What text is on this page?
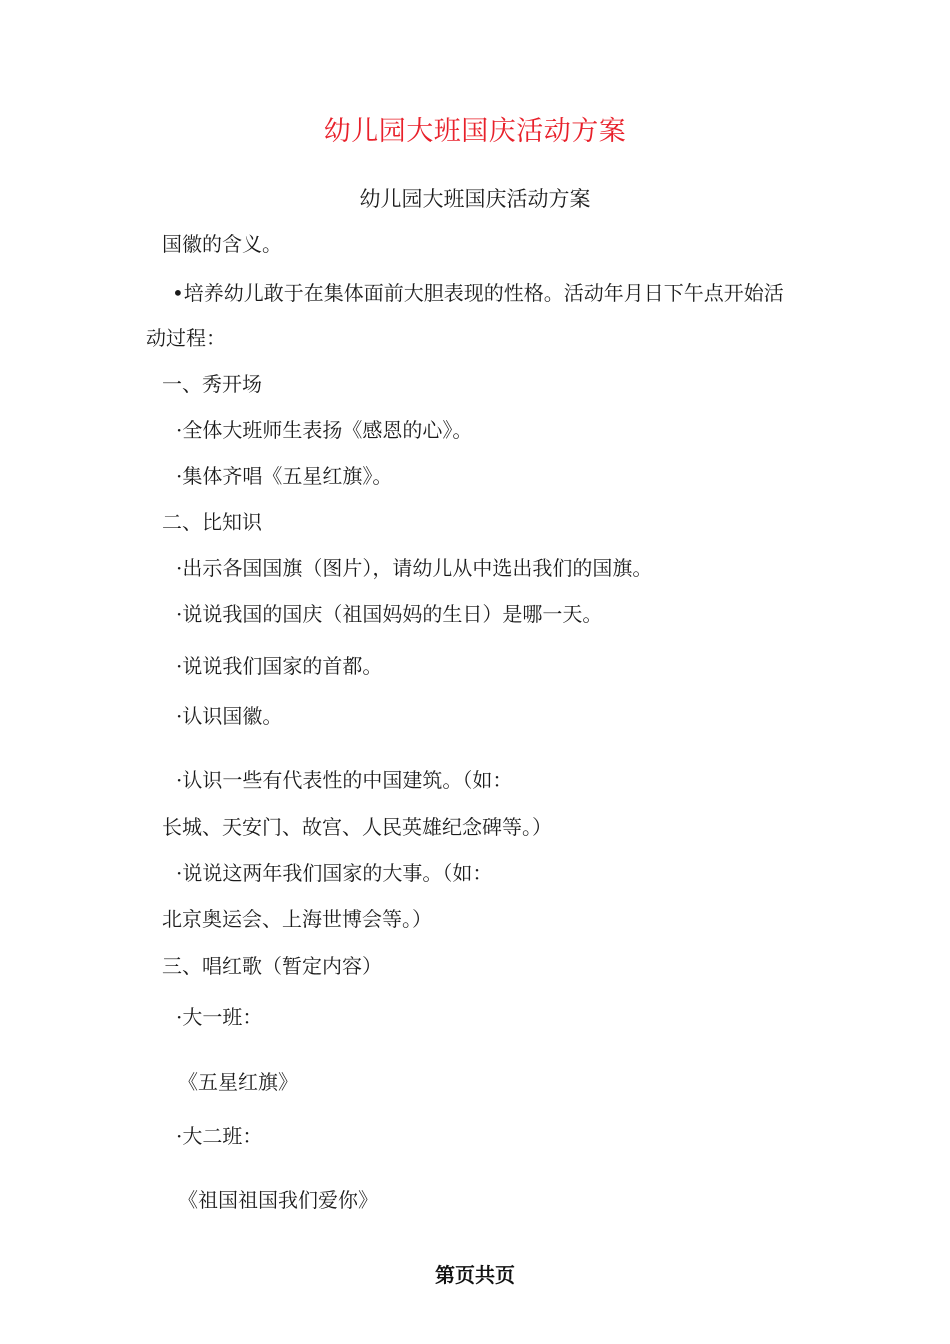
幼儿园大班国庆活动方案
幼儿园大班国庆活动方案
国徽的含义。
•培养幼儿敢于在集体面前大胆表现的性格。活动年月日下午点开始活
动过程：
一、秀开场
·全体大班师生表扬《感恩的心》。
·集体齐唱《五星红旗》。
二、比知识
·出示各国国旗（图片），请幼儿从中选出我们的国旗。
·说说我国的国庆（祖国妈妈的生日）是哪一天。
·说说我们国家的首都。
·认识国徽。
·认识一些有代表性的中国建筑。（如：
长城、天安门、故宫、人民英雄纪念碑等。）
·说说这两年我们国家的大事。（如：
北京奥运会、上海世博会等。）
三、唱红歌（暂定内容）
·大一班：
《五星红旗》
·大二班：
《祖国祖国我们爱你》
第页共页
